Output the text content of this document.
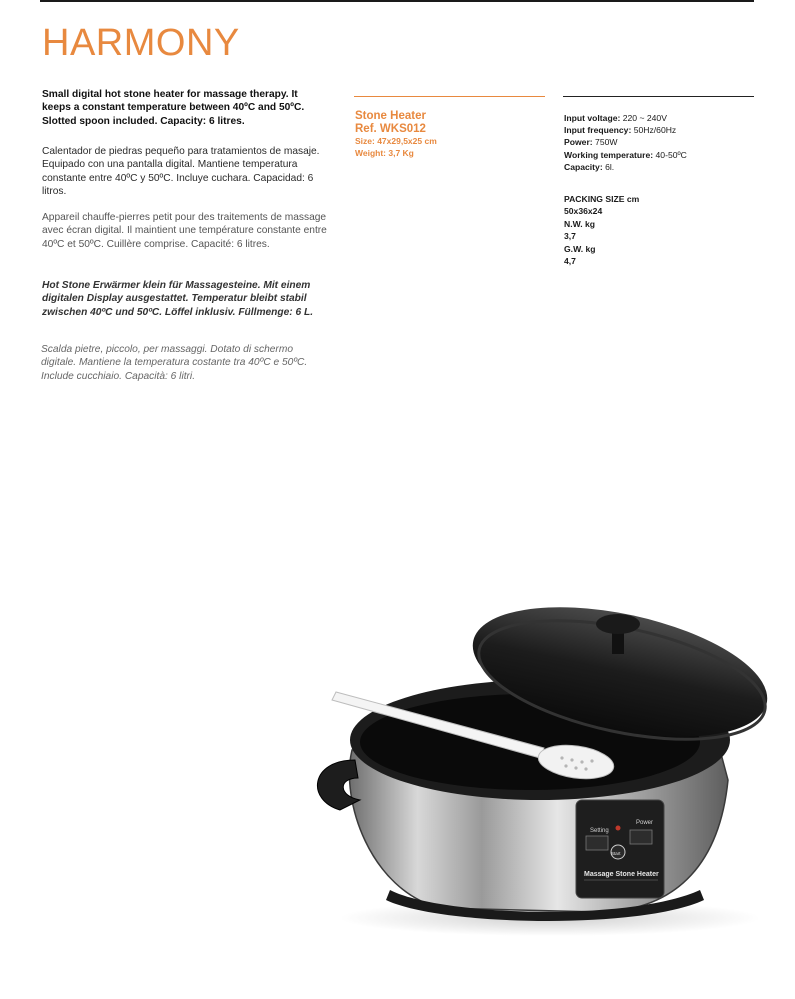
HARMONY

Small digital hot stone heater for massage therapy. It keeps a constant temperature between 40ºC and 50ºC. Slotted spoon included. Capacity: 6 litres.

Calentador de piedras pequeño para tratamientos de masaje. Equipado con una pantalla digital. Mantiene temperatura constante entre 40ºC y 50ºC. Incluye cuchara. Capacidad: 6 litros.

Appareil chauffe-pierres petit pour des traitements de massage avec écran digital. Il maintient une température constante entre 40ºC et 50ºC. Cuillère comprise. Capacité: 6 litres.

Hot Stone Erwärmer klein für Massagesteine. Mit einem digitalen Display ausgestattet. Temperatur bleibt stabil zwischen 40ºC und 50ºC. Löffel inklusiv. Füllmenge: 6 L.

Scalda pietre, piccolo, per massaggi. Dotato di schermo digitale. Mantiene la temperatura costante tra 40ºC e 50ºC. Include cucchiaio. Capacità: 6 litri.

Stone Heater
Ref. WKS012
Size: 47x29,5x25 cm
Weight: 3,7 Kg
Input voltage: 220 ~ 240V
Input frequency: 50Hz/60Hz
Power: 750W
Working temperature: 40-50ºC
Capacity: 6l.
PACKING SIZE cm
50x36x24
N.W. kg
3,7
G.W. kg
4,7
Setting
Power
Start
Massage Stone Heater
